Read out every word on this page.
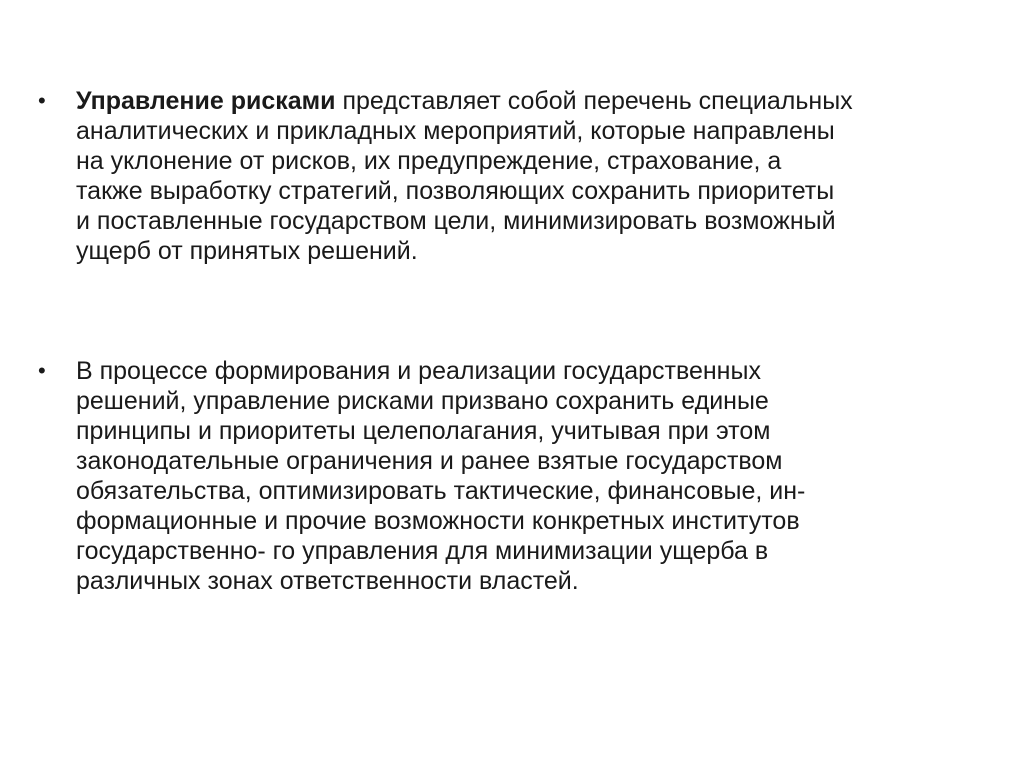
•	Управление рисками представляет собой перечень специальных
аналитических и прикладных мероприятий, которые направлены
на уклонение от рисков, их предупреждение, страхование, а
также выработку стратегий, позволяющих сохранить приоритеты
и поставленные государством цели, минимизировать возможный
ущерб от принятых решений.
•	В процессе формирования и реализации государственных
решений, управление рисками призвано сохранить единые
принципы и приоритеты целеполагания, учитывая при этом
законодательные ограничения и ранее взятые государством
обязательства, оптимизировать тактические, финансовые, ин-
формационные и прочие возможности конкретных институтов
государственно- го управления для минимизации ущерба в
различных зонах ответственности властей.
